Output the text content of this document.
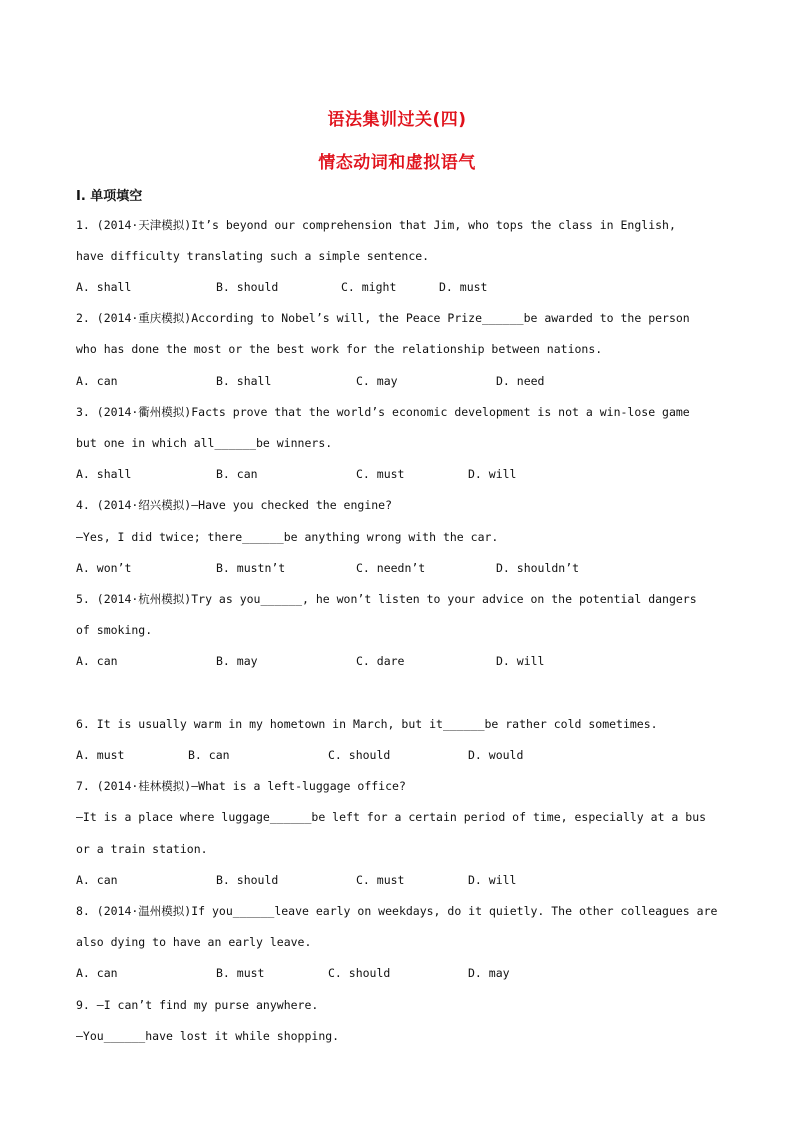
语法集训过关(四)
情态动词和虚拟语气
Ⅰ. 单项填空
1. (2014·天津模拟)It’s beyond our comprehension that Jim, who tops the class in English,
have difficulty translating such a simple sentence.
A. shall	B. should	C. might	D. must
2. (2014·重庆模拟)According to Nobel’s will, the Peace Prize______be awarded to the person
who has done the most or the best work for the relationship between nations.
A. can	B. shall	C. may	D. need
3. (2014·衢州模拟)Facts prove that the world’s economic development is not a win-lose game
but one in which all______be winners.
A. shall	B. can	C. must	D. will
4. (2014·绍兴模拟)—Have you checked the engine?
—Yes, I did twice; there______be anything wrong with the car.
A. won’t	B. mustn’t	C. needn’t	D. shouldn’t
5. (2014·杭州模拟)Try as you______, he won’t listen to your advice on the potential dangers
of smoking.
A. can	B. may	C. dare	D. will
6. It is usually warm in my hometown in March, but it______be rather cold sometimes.
A. must	B. can	C. should	D. would
7. (2014·桂林模拟)—What is a left-luggage office?
—It is a place where luggage______be left for a certain period of time, especially at a bus
or a train station.
A. can	B. should	C. must	D. will
8. (2014·温州模拟)If you______leave early on weekdays, do it quietly. The other colleagues are
also dying to have an early leave.
A. can	B. must	C. should	D. may
9. —I can’t find my purse anywhere.
—You______have lost it while shopping.
